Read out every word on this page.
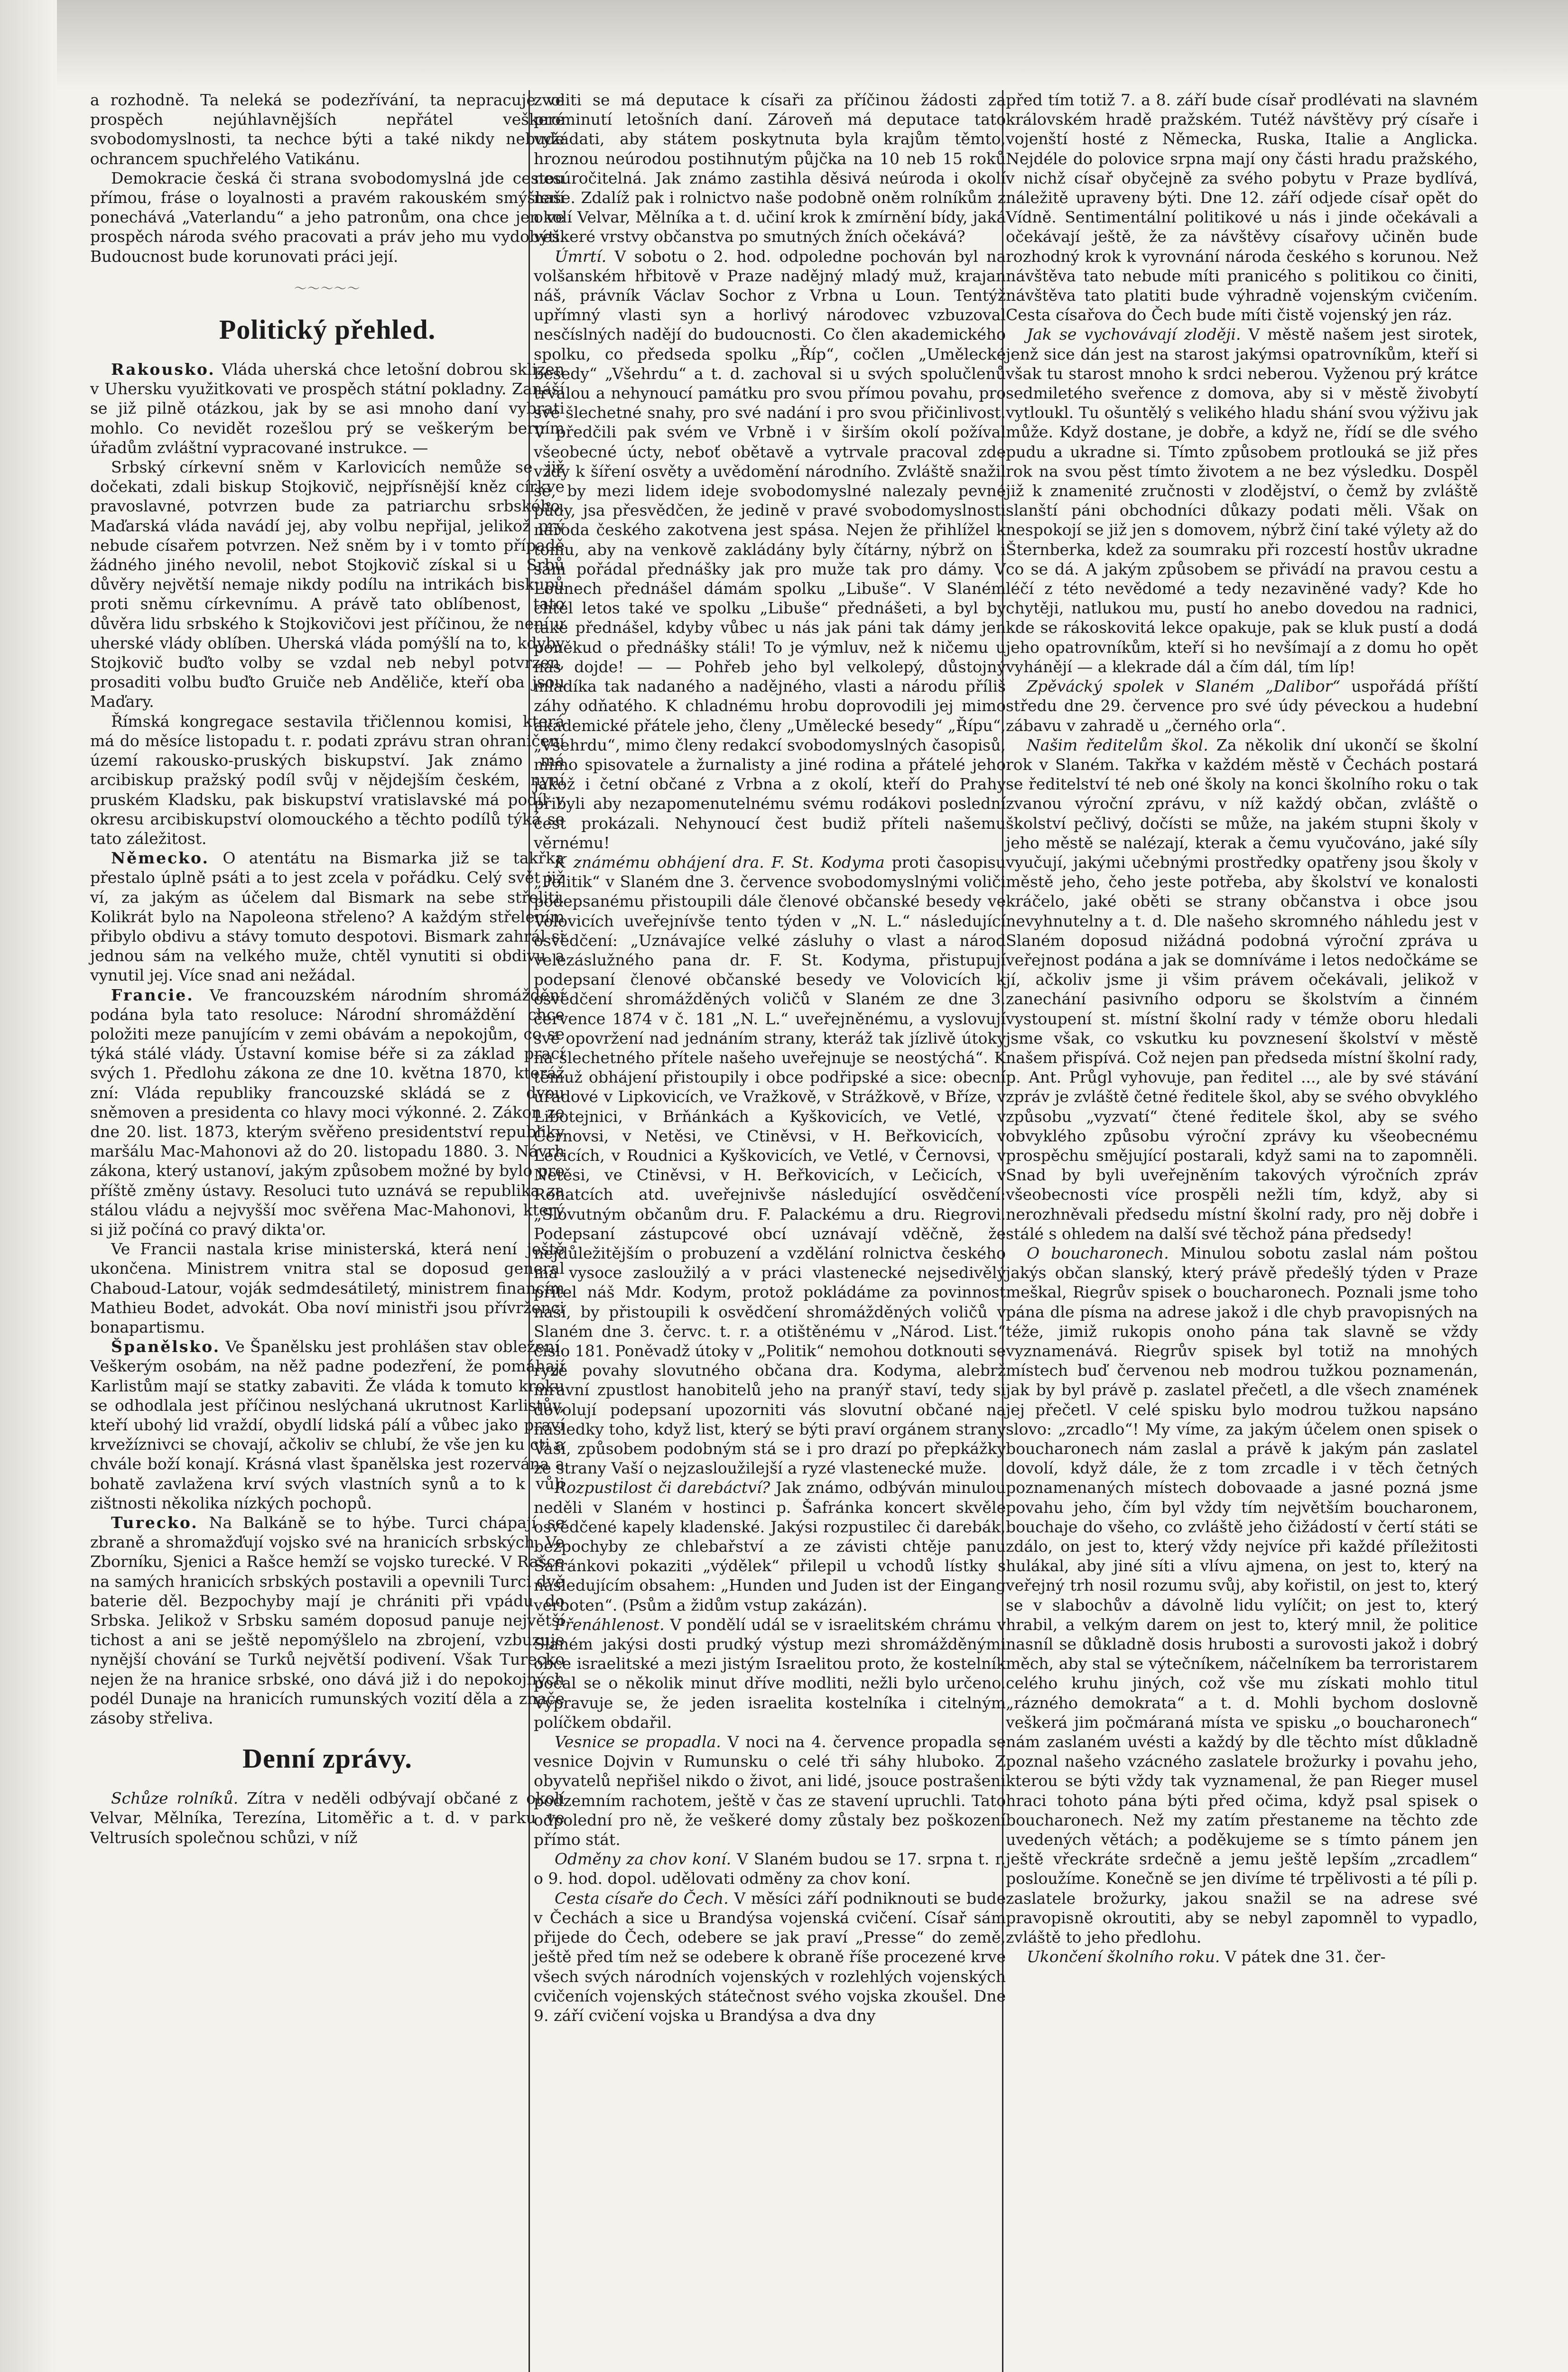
a rozhodně. Ta neleká se podezřívání, ta nepracuje ve prospěch nejúhlavnějších nepřátel veškeré svobodomyslnosti, ta nechce býti a také nikdy nebude ochrancem spuchřelého Vatikánu.

Demokracie česká či strana svobodomyslná jde cestou přímou, fráse o loyalnosti a pravém rakouském smýšlení ponechává „Vaterlandu“ a jeho patronům, ona chce jen ve prospěch národa svého pracovati a práv jeho mu vydobýti. Budoucnost bude korunovati práci její.

〜〜〜〜〜
Politický přehled.

Rakousko. Vláda uherská chce letošní dobrou sklizen v Uhersku využitkovati ve prospěch státní pokladny. Zanáší se již pilně otázkou, jak by se asi mnoho daní vybrati mohlo. Co nevidět rozešlou prý se veškerým berním úřadům zvláštní vypracované instrukce. —

Srbský církevní sněm v Karlovicích nemůže se již dočekati, zdali biskup Stojkovič, nejpřísnější kněz církve pravoslavné, potvrzen bude za patriarchu srbského. Maďarská vláda navádí jej, aby volbu nepřijal, jelikož prý nebude císařem potvrzen. Než sněm by i v tomto případě žádného jiného nevolil, nebot Stojkovič získal si u Srbů důvěry největší nemaje nikdy podílu na intrikách biskupů proti sněmu církevnímu. A právě tato oblíbenost, tato důvěra lidu srbského k Stojkovičovi jest příčinou, že není u uherské vlády oblíben. Uherská vláda pomýšlí na to, kdyby Stojkovič buďto volby se vzdal neb nebyl potvrzen, prosaditi volbu buďto Gruiče neb Anděliče, kteří oba jsou Maďary.

Římská kongregace sestavila třičlennou komisi, která má do měsíce listopadu t. r. podati zprávu stran ohraničení území rakousko-pruských biskupství. Jak známo má arcibiskup pražský podíl svůj v nějdejším českém, nyní pruském Kladsku, pak biskupství vratislavské má podíl v okresu arcibiskupství olomouckého a těchto podílů týká se tato záležitost.

Německo. O atentátu na Bismarka již se takřka přestalo úplně psáti a to jest zcela v pořádku. Celý svět již ví, za jakým as účelem dal Bismark na sebe střeliti. Kolikrát bylo na Napoleona střeleno? A každým střelením přibylo obdivu a stávy tomuto despotovi. Bismark zahrál si jednou sám na velkého muže, chtěl vynutiti si obdivu a vynutil jej. Více snad ani nežádal.

Francie. Ve francouzském národním shromáždění podána byla tato resoluce: Národní shromáždění chce položiti meze panujícím v zemi obávám a nepokojům, co se týká stálé vlády. Ústavní komise béře si za základ prací svých 1. Předlohu zákona ze dne 10. května 1870, kteráž zní: Vláda republiky francouzské skládá se z dvou sněmoven a presidenta co hlavy moci výkonné. 2. Zákon ze dne 20. list. 1873, kterým svěřeno presidentství republiky maršálu Mac-Mahonovi až do 20. listopadu 1880. 3. Návrh zákona, který ustanoví, jakým způsobem možné by bylo pro příště změny ústavy. Resoluci tuto uznává se republika za stálou vládu a nejvyšší moc svěřena Mac-Mahonovi, který si již počíná co pravý dikta'or.

Ve Francii nastala krise ministerská, která není ještě ukončena. Ministrem vnitra stal se doposud general Chaboud-Latour, voják sedmdesátiletý, ministrem financím Mathieu Bodet, advokát. Oba noví ministři jsou přívrženci bonapartismu.

Španělsko. Ve Španělsku jest prohlášen stav obležení. Veškerým osobám, na něž padne podezření, že pomáhají Karlistům mají se statky zabaviti. Že vláda k tomuto kroku se odhodlala jest příčinou neslýchaná ukrutnost Karlistův, kteří ubohý lid vraždí, obydlí lidská pálí a vůbec jako praví krvežíznivci se chovají, ačkoliv se chlubí, že vše jen ku cti a chvále boží konají. Krásná vlast španělska jest rozervána a bohatě zavlažena krví svých vlastních synů a to k vůli zištnosti několika nízkých pochopů.

Turecko. Na Balkáně se to hýbe. Turci chápají se zbraně a shromažďují vojsko své na hranicích srbských. Ve Zborníku, Sjenici a Rašce hemží se vojsko turecké. V Rašce na samých hranicích srbských postavili a opevnili Turci dvě baterie děl. Bezpochyby mají je chrániti při vpádu do Srbska. Jelikož v Srbsku samém doposud panuje největší tichost a ani se ještě nepomýšlelo na zbrojení, vzbuzuje nynější chování se Turků největší podivení. Však Turecko nejen že na hranice srbské, ono dává již i do nepokojných podél Dunaje na hranicích rumunských vozití děla a znače zásoby střeliva.

Denní zprávy.

Schůze rolníků. Zítra v neděli odbývají občané z okolí Velvar, Mělníka, Terezína, Litoměřic a t. d. v parku ve Veltrusích společnou schůzi, v níž

zvoliti se má deputace k císaři za příčinou žádosti za prominutí letošních daní. Zároveň má deputace tato vyžádati, aby státem poskytnuta byla krajům těmto, hroznou neúrodou postihnutým půjčka na 10 neb 15 roků nesúročitelná. Jak známo zastihla děsivá neúroda i okolí naše. Zdalíž pak i rolnictvo naše podobně oněm rolníkům z okolí Velvar, Mělníka a t. d. učiní krok k zmírnění bídy, jaká veškeré vrstvy občanstva po smutných žních očekává?

Úmrtí. V sobotu o 2. hod. odpoledne pochován byl na volšanském hřbitově v Praze nadějný mladý muž, krajan náš, právník Václav Sochor z Vrbna u Loun. Tentýž upřímný vlasti syn a horlivý národovec vzbuzoval nesčíslných nadějí do budoucnosti. Co člen akademického spolku, co předseda spolku „Říp“, cočlen „Umělecké besedy“ „Všehrdu“ a t. d. zachoval si u svých spolučlenů trvalou a nehynoucí památku pro svou přímou povahu, pro své šlechetné snahy, pro své nadání i pro svou přičinlivost. V předčili pak svém ve Vrbně i v širším okolí požíval všeobecné úcty, neboť obětavě a vytrvale pracoval zde vždy k šíření osvěty a uvědomění národního. Zvláště snažil se, by mezi lidem ideje svobodomyslné nalezaly pevné půdy, jsa přesvědčen, že jedině v pravé svobodomyslnosti národa českého zakotvena jest spása. Nejen že přihlížel k tomu, aby na venkově zakládány byly čítárny, nýbrž on i sám pořádal přednášky jak pro muže tak pro dámy. V Lounech přednášel dámám spolku „Libuše“. V Slaném chtěl letos také ve spolku „Libuše“ přednášeti, a byl by také přednášel, kdyby vůbec u nás jak páni tak dámy jen poněkud o přednášky stáli! To je výmluv, než k ničemu u nás dojde! — — Pohřeb jeho byl velkolepý, důstojný mladíka tak nadaného a nadějného, vlasti a národu příliš záhy odňatého. K chladnému hrobu doprovodili jej mimo akademické přátele jeho, členy „Umělecké besedy“ „Řípu“, „Všehrdu“, mimo členy redakcí svobodomyslných časopisů, mimo spisovatele a žurnalisty a jiné rodina a přátelé jeho jakož i četní občané z Vrbna a z okolí, kteří do Prahy přibyli aby nezapomenutelnému svému rodákovi poslední čest prokázali. Nehynoucí čest budiž příteli našemu věrnému!

K známému obhájení dra. F. St. Kodyma proti časopisu „Politik“ v Slaném dne 3. července svobodomyslnými voliči podepsanému přistoupili dále členové občanské besedy ve Volovicích uveřejnívše tento týden v „N. L.“ následující osvědčení: „Uznávajíce velké zásluhy o vlast a národ velezáslužného pana dr. F. St. Kodyma, přistupují podepsaní členové občanské besedy ve Volovicích k osvědčení shromážděných voličů v Slaném ze dne 3. července 1874 v č. 181 „N. L.“ uveřejněnému, a vyslovují své opovržení nad jednáním strany, kteráž tak jízlivě útoky na šlechetného přítele našeho uveřejnuje se neostýchá“. K těmuž obhájení přistoupily i obce podřipské a sice: obecní úřadové v Lipkovicích, ve Vražkově, v Strážkově, v Bříze, v Libotejnici, v Brňánkách a Kyškovicích, ve Vetlé, v Černovsi, v Netěsi, ve Ctiněvsi, v H. Beřkovicích, v Lečicích, v Roudnici a Kyškovicích, ve Vetlé, v Černovsi, v Netěsi, ve Ctiněvsi, v H. Beřkovicích, v Lečicích, v Rohatcích atd. uveřejnivše následující osvědčení: „Slovutným občanům dru. F. Palackému a dru. Riegrovi. Podepsaní zástupcové obcí uznávají vděčně, že nejdůležitějším o probuzení a vzdělání rolnictva českého má vysoce zasloužilý a v práci vlastenecké nejsedivělý přítel náš Mdr. Kodym, protož pokládáme za povinnost naší, by přistoupili k osvědčení shromážděných voličů v Slaném dne 3. červc. t. r. a otištěnému v „Národ. List.“ číslo 181. Poněvadž útoky v „Politik“ nemohou dotknouti se ryzé povahy slovutného občana dra. Kodyma, alebrž mravní zpustlost hanobitelů jeho na pranýř staví, tedy si dovolují podepsaní upozorniti vás slovutní občané na následky toho, když list, který se býti praví orgánem strany Vaší, způsobem podobným stá se i pro drazí po přepkážky ze strany Vaší o nejzasloužilejší a ryzé vlastenecké muže.

Rozpustilost či darebáctví? Jak známo, odbýván minulou neděli v Slaném v hostinci p. Šafránka koncert skvěle osvědčené kapely kladenské. Jakýsi rozpustilec či darebák, bezpochyby ze chlebařství a ze závisti chtěje panu Šafránkovi pokaziti „výdělek“ přilepil u vchodů lístky s následujícím obsahem: „Hunden und Juden ist der Eingang verboten“. (Psům a židům vstup zakázán).

Přenáhlenost. V pondělí udál se v israelitském chrámu v Slaném jakýsi dosti prudký výstup mezi shromážděnými obce israelitské a mezi jistým Israelitou proto, že kostelník počal se o několik minut dříve modliti, nežli bylo určeno. Vypravuje se, že jeden israelita kostelníka i citelným políčkem obdařil.

Vesnice se propadla. V noci na 4. července propadla se vesnice Dojvin v Rumunsku o celé tři sáhy hluboko. Z obyvatelů nepřišel nikdo o život, ani lidé, jsouce postrašeni podzemním rachotem, ještě v čas ze stavení upruchli. Tato odpolední pro ně, že veškeré domy zůstaly bez poškození přímo stát.

Odměny za chov koní. V Slaném budou se 17. srpna t. r. o 9. hod. dopol. udělovati odměny za chov koní.

Cesta císaře do Čech. V měsíci září podniknouti se bude v Čechách a sice u Brandýsa vojenská cvičení. Císař sám přijede do Čech, odebere se jak praví „Presse“ do země, ještě před tím než se odebere k obraně říše procezené krve všech svých národních vojenských v rozlehlých vojenských cvičeních vojenských státečnost svého vojska zkoušel. Dne 9. září cvičení vojska u Brandýsa a dva dny

před tím totiž 7. a 8. září bude císař prodlévati na slavném královském hradě pražském. Tutéž návštěvy prý císaře i vojenští hosté z Německa, Ruska, Italie a Anglicka. Nejdéle do polovice srpna mají ony části hradu pražského, v nichž císař obyčejně za svého pobytu v Praze bydlívá, náležitě upraveny býti. Dne 12. září odjede císař opět do Vídně. Sentimentální politikové u nás i jinde očekávali a očekávají ještě, že za návštěvy císařovy učiněn bude rozhodný krok k vyrovnání národa českého s korunou. Než návštěva tato nebude míti pranicého s politikou co činiti, návštěva tato platiti bude výhradně vojenským cvičením. Cesta císařova do Čech bude míti čistě vojenský jen ráz.

Jak se vychovávají zloději. V městě našem jest sirotek, jenž sice dán jest na starost jakýmsi opatrovníkům, kteří si však tu starost mnoho k srdci neberou. Vyženou prý krátce sedmiletého sveřence z domova, aby si v městě živobytí vytloukl. Tu ošuntělý s velikého hladu shání svou výživu jak může. Když dostane, je dobře, a když ne, řídí se dle svého pudu a ukradne si. Tímto způsobem protlouká se již přes rok na svou pěst tímto životem a ne bez výsledku. Dospěl již k znamenité zručnosti v zlodějství, o čemž by zvláště slanští páni obchodníci důkazy podati měli. Však on nespokojí se již jen s domovem, nýbrž činí také výlety až do Šternberka, kdež za soumraku při rozcestí hostův ukradne co se dá. A jakým způsobem se přivádí na pravou cestu a léčí z této nevědomé a tedy nezaviněné vady? Kde ho chytěji, natlukou mu, pustí ho anebo dovedou na radnici, kde se rákoskovitá lekce opakuje, pak se kluk pustí a dodá jeho opatrovníkům, kteří si ho nevšímají a z domu ho opět vyhánějí — a klekrade dál a čím dál, tím líp!

Zpěvácký spolek v Slaném „Dalibor“ uspořádá příští středu dne 29. července pro své údy péveckou a hudební zábavu v zahradě u „černého orla“.

Našim ředitelům škol. Za několik dní ukončí se školní rok v Slaném. Takřka v každém městě v Čechách postará se ředitelství té neb oné školy na konci školního roku o tak zvanou výroční zprávu, v níž každý občan, zvláště o školství pečlivý, dočísti se může, na jakém stupni školy v jeho městě se nalézají, kterak a čemu vyučováno, jaké síly vyučují, jakými učebnými prostředky opatřeny jsou školy v městě jeho, čeho jeste potřeba, aby školství ve konalosti kráčelo, jaké oběti se strany občanstva i obce jsou nevyhnutelny a t. d. Dle našeho skromného náhledu jest v Slaném doposud nižádná podobná výroční zpráva u veřejnost podána a jak se domníváme i letos nedočkáme se jí, ačkoliv jsme ji všim právem očekávali, jelikož v zanechání pasivního odporu se školstvím a činném vystoupení st. místní školní rady v témže oboru hledali jsme však, co vskutku ku povznesení školství v městě našem přispívá. Což nejen pan předseda místní školní rady, p. Ant. Průgl vyhovuje, pan ředitel ..., ale by své stávání zpráv je zvláště četné ředitele škol, aby se svého obvyklého způsobu „vyzvatí“ čtené ředitele škol, aby se svého obvyklého způsobu výroční zprávy ku všeobecnému prospěchu smějující postarali, když sami na to zapomněli. Snad by byli uveřejněním takových výročních zpráv všeobecnosti více prospěli nežli tím, když, aby si nerozhněvali předsedu místní školní rady, pro něj dobře i stálé s ohledem na další své těchož pána předsedy!

O boucharonech. Minulou sobotu zaslal nám poštou jakýs občan slanský, který právě předešlý týden v Praze meškal, Riegrův spisek o boucharonech. Poznali jsme toho pána dle písma na adrese jakož i dle chyb pravopisných na téže, jimiž rukopis onoho pána tak slavně se vždy vyznamenává. Riegrův spisek byl totiž na mnohých místech buď červenou neb modrou tužkou poznamenán, jak by byl právě p. zaslatel přečetl, a dle všech znamének jej přečetl. V celé spisku bylo modrou tužkou napsáno slovo: „zrcadlo“! My víme, za jakým účelem onen spisek o boucharonech nám zaslal a právě k jakým pán zaslatel dovolí, když dále, že z tom zrcadle i v těch četných poznamenaných místech dobovaade a jasné pozná jsme povahu jeho, čím byl vždy tím největším boucharonem, bouchaje do všeho, co zvláště jeho čižádostí v čertí státi se zdálo, on jest to, který vždy nejvíce při každé příležitosti hulákal, aby jiné síti a vlívu ajmena, on jest to, který na veřejný trh nosil rozumu svůj, aby kořistil, on jest to, který se v slabochův a dávolně lidu vylíčit; on jest to, který hrabil, a velkým darem on jest to, který mnil, že politice nasníl se důkladně dosis hrubosti a surovosti jakož i dobrý měch, aby stal se výtečníkem, náčelníkem ba terroristarem celého kruhu jiných, což vše mu získati mohlo titul „rázného demokrata“ a t. d. Mohli bychom doslovně veškerá jim počmáraná místa ve spisku „o boucharonech“ nám zaslaném uvésti a každý by dle těchto míst důkladně poznal našeho vzácného zaslatele brožurky i povahu jeho, kterou se býti vždy tak vyznamenal, že pan Rieger musel hraci tohoto pána býti před očima, když psal spisek o boucharonech. Než my zatím přestaneme na těchto zde uvedených větách; a poděkujeme se s tímto pánem jen ještě vřeckráte srdečně a jemu ještě lepším „zrcadlem“ posloužíme. Konečně se jen divíme té trpělivosti a té píli p. zaslatele brožurky, jakou snažil se na adrese své pravopisně okroutiti, aby se nebyl zapomněl to vypadlo, zvláště to jeho předlohu.

Ukončení školního roku. V pátek dne 31. čer-
